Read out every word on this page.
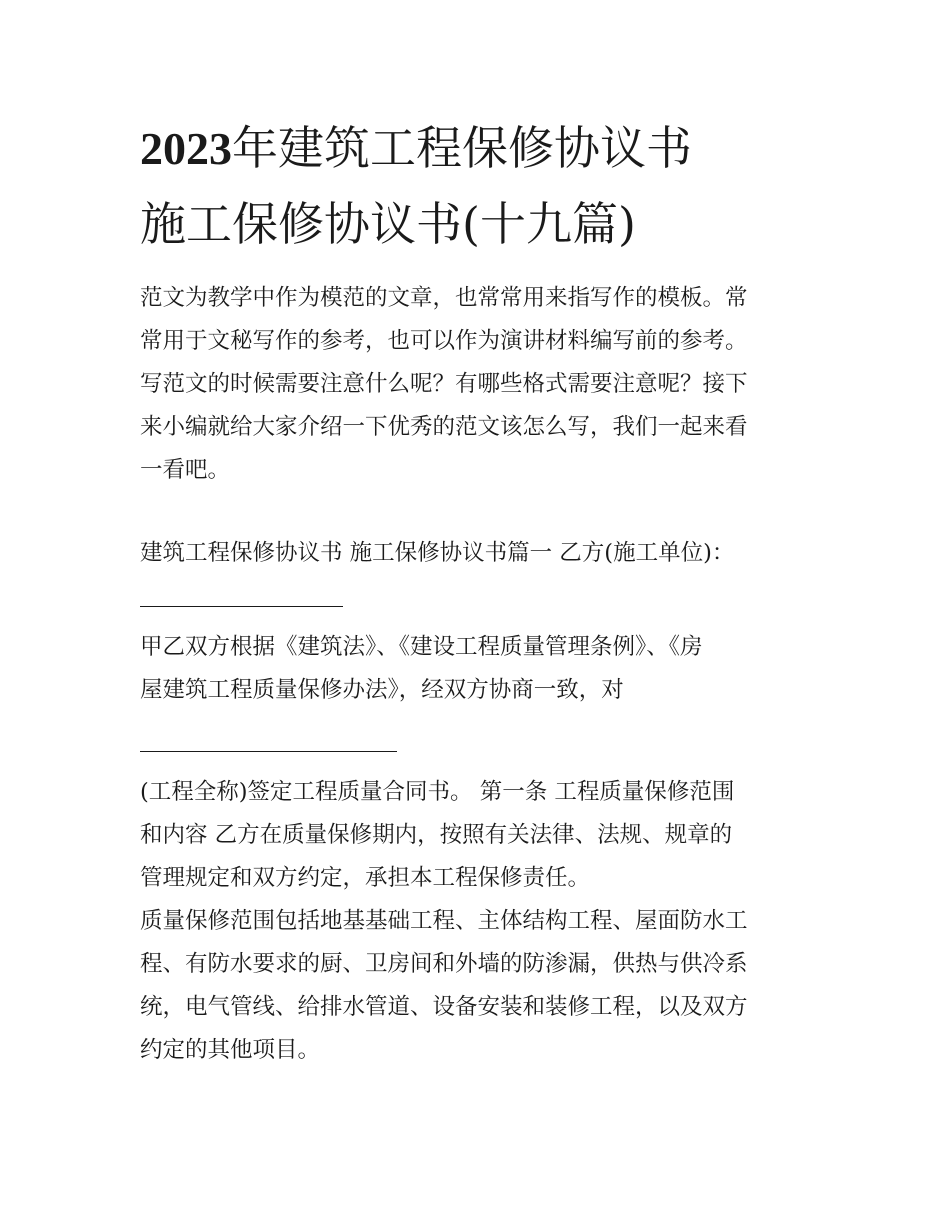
2023年建筑工程保修协议书
施工保修协议书(十九篇)
范文为教学中作为模范的文章，也常常用来指写作的模板。常
常用于文秘写作的参考，也可以作为演讲材料编写前的参考。
写范文的时候需要注意什么呢？有哪些格式需要注意呢？接下
来小编就给大家介绍一下优秀的范文该怎么写，我们一起来看
一看吧。
建筑工程保修协议书 施工保修协议书篇一 乙方(施工单位)：
甲乙双方根据《建筑法》、《建设工程质量管理条例》、《房
屋建筑工程质量保修办法》，经双方协商一致，对
(工程全称)签定工程质量合同书。 第一条 工程质量保修范围
和内容 乙方在质量保修期内，按照有关法律、法规、规章的
管理规定和双方约定，承担本工程保修责任。
质量保修范围包括地基基础工程、主体结构工程、屋面防水工
程、有防水要求的厨、卫房间和外墙的防渗漏，供热与供冷系
统，电气管线、给排水管道、设备安装和装修工程，以及双方
约定的其他项目。
